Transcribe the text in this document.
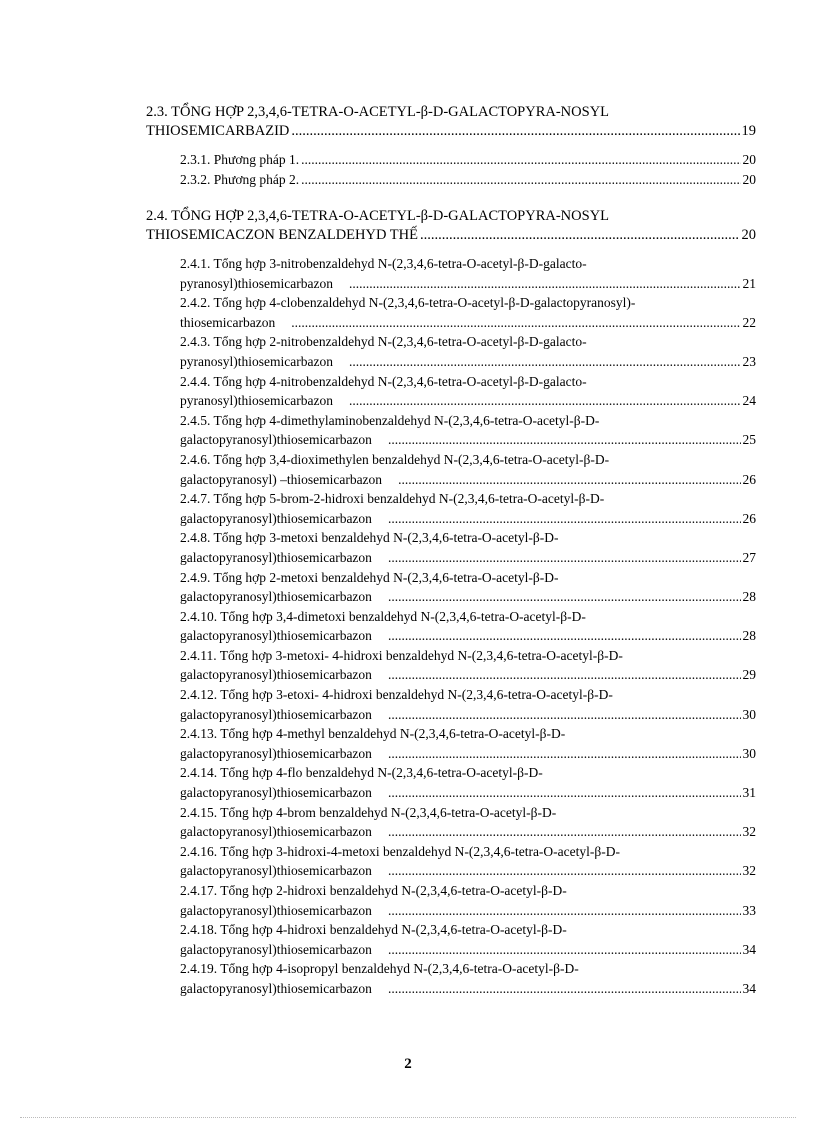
2.3. TỔNG HỢP 2,3,4,6-TETRA-O-ACETYL-β-D-GALACTOPYRA-NOSYL
THIOSEMICARBAZID .....	19
2.3.1. Phương pháp 1. .....	20
2.3.2. Phương pháp 2. .....	20
2.4. TỔNG HỢP 2,3,4,6-TETRA-O-ACETYL-β-D-GALACTOPYRA-NOSYL
THIOSEMICACZON BENZALDEHYD THẾ .....	20
2.4.1. Tổng hợp 3-nitrobenzaldehyd N-(2,3,4,6-tetra-O-acetyl-β-D-galacto-
pyranosyl)thiosemicarbazon .....	21
2.4.2. Tổng hợp 4-clobenzaldehyd N-(2,3,4,6-tetra-O-acetyl-β-D-galactopyranosyl)-
thiosemicarbazon .....	22
2.4.3. Tổng hợp 2-nitrobenzaldehyd N-(2,3,4,6-tetra-O-acetyl-β-D-galacto-
pyranosyl)thiosemicarbazon .....	23
2.4.4. Tổng hợp 4-nitrobenzaldehyd N-(2,3,4,6-tetra-O-acetyl-β-D-galacto-
pyranosyl)thiosemicarbazon .....	24
2.4.5. Tổng hợp 4-dimethylaminobenzaldehyd N-(2,3,4,6-tetra-O-acetyl-β-D-
galactopyranosyl)thiosemicarbazon .....	25
2.4.6. Tổng hợp 3,4-dioximethylen benzaldehyd N-(2,3,4,6-tetra-O-acetyl-β-D-
galactopyranosyl) –thiosemicarbazon .....	26
2.4.7. Tổng hợp 5-brom-2-hidroxi benzaldehyd N-(2,3,4,6-tetra-O-acetyl-β-D-
galactopyranosyl)thiosemicarbazon .....	26
2.4.8. Tổng hợp 3-metoxi benzaldehyd N-(2,3,4,6-tetra-O-acetyl-β-D-
galactopyranosyl)thiosemicarbazon .....	27
2.4.9. Tổng hợp 2-metoxi benzaldehyd N-(2,3,4,6-tetra-O-acetyl-β-D-
galactopyranosyl)thiosemicarbazon .....	28
2.4.10. Tổng hợp 3,4-dimetoxi benzaldehyd N-(2,3,4,6-tetra-O-acetyl-β-D-
galactopyranosyl)thiosemicarbazon .....	28
2.4.11. Tổng hợp 3-metoxi- 4-hidroxi benzaldehyd N-(2,3,4,6-tetra-O-acetyl-β-D-
galactopyranosyl)thiosemicarbazon .....	29
2.4.12. Tổng hợp 3-etoxi- 4-hidroxi benzaldehyd N-(2,3,4,6-tetra-O-acetyl-β-D-
galactopyranosyl)thiosemicarbazon .....	30
2.4.13. Tổng hợp 4-methyl benzaldehyd N-(2,3,4,6-tetra-O-acetyl-β-D-
galactopyranosyl)thiosemicarbazon .....	30
2.4.14. Tổng hợp 4-flo benzaldehyd N-(2,3,4,6-tetra-O-acetyl-β-D-
galactopyranosyl)thiosemicarbazon .....	31
2.4.15. Tổng hợp 4-brom benzaldehyd N-(2,3,4,6-tetra-O-acetyl-β-D-
galactopyranosyl)thiosemicarbazon .....	32
2.4.16. Tổng hợp 3-hidroxi-4-metoxi benzaldehyd N-(2,3,4,6-tetra-O-acetyl-β-D-
galactopyranosyl)thiosemicarbazon .....	32
2.4.17. Tổng hợp 2-hidroxi benzaldehyd N-(2,3,4,6-tetra-O-acetyl-β-D-
galactopyranosyl)thiosemicarbazon .....	33
2.4.18. Tổng hợp 4-hidroxi benzaldehyd N-(2,3,4,6-tetra-O-acetyl-β-D-
galactopyranosyl)thiosemicarbazon .....	34
2.4.19. Tổng hợp 4-isopropyl benzaldehyd N-(2,3,4,6-tetra-O-acetyl-β-D-
galactopyranosyl)thiosemicarbazon .....	34
2
